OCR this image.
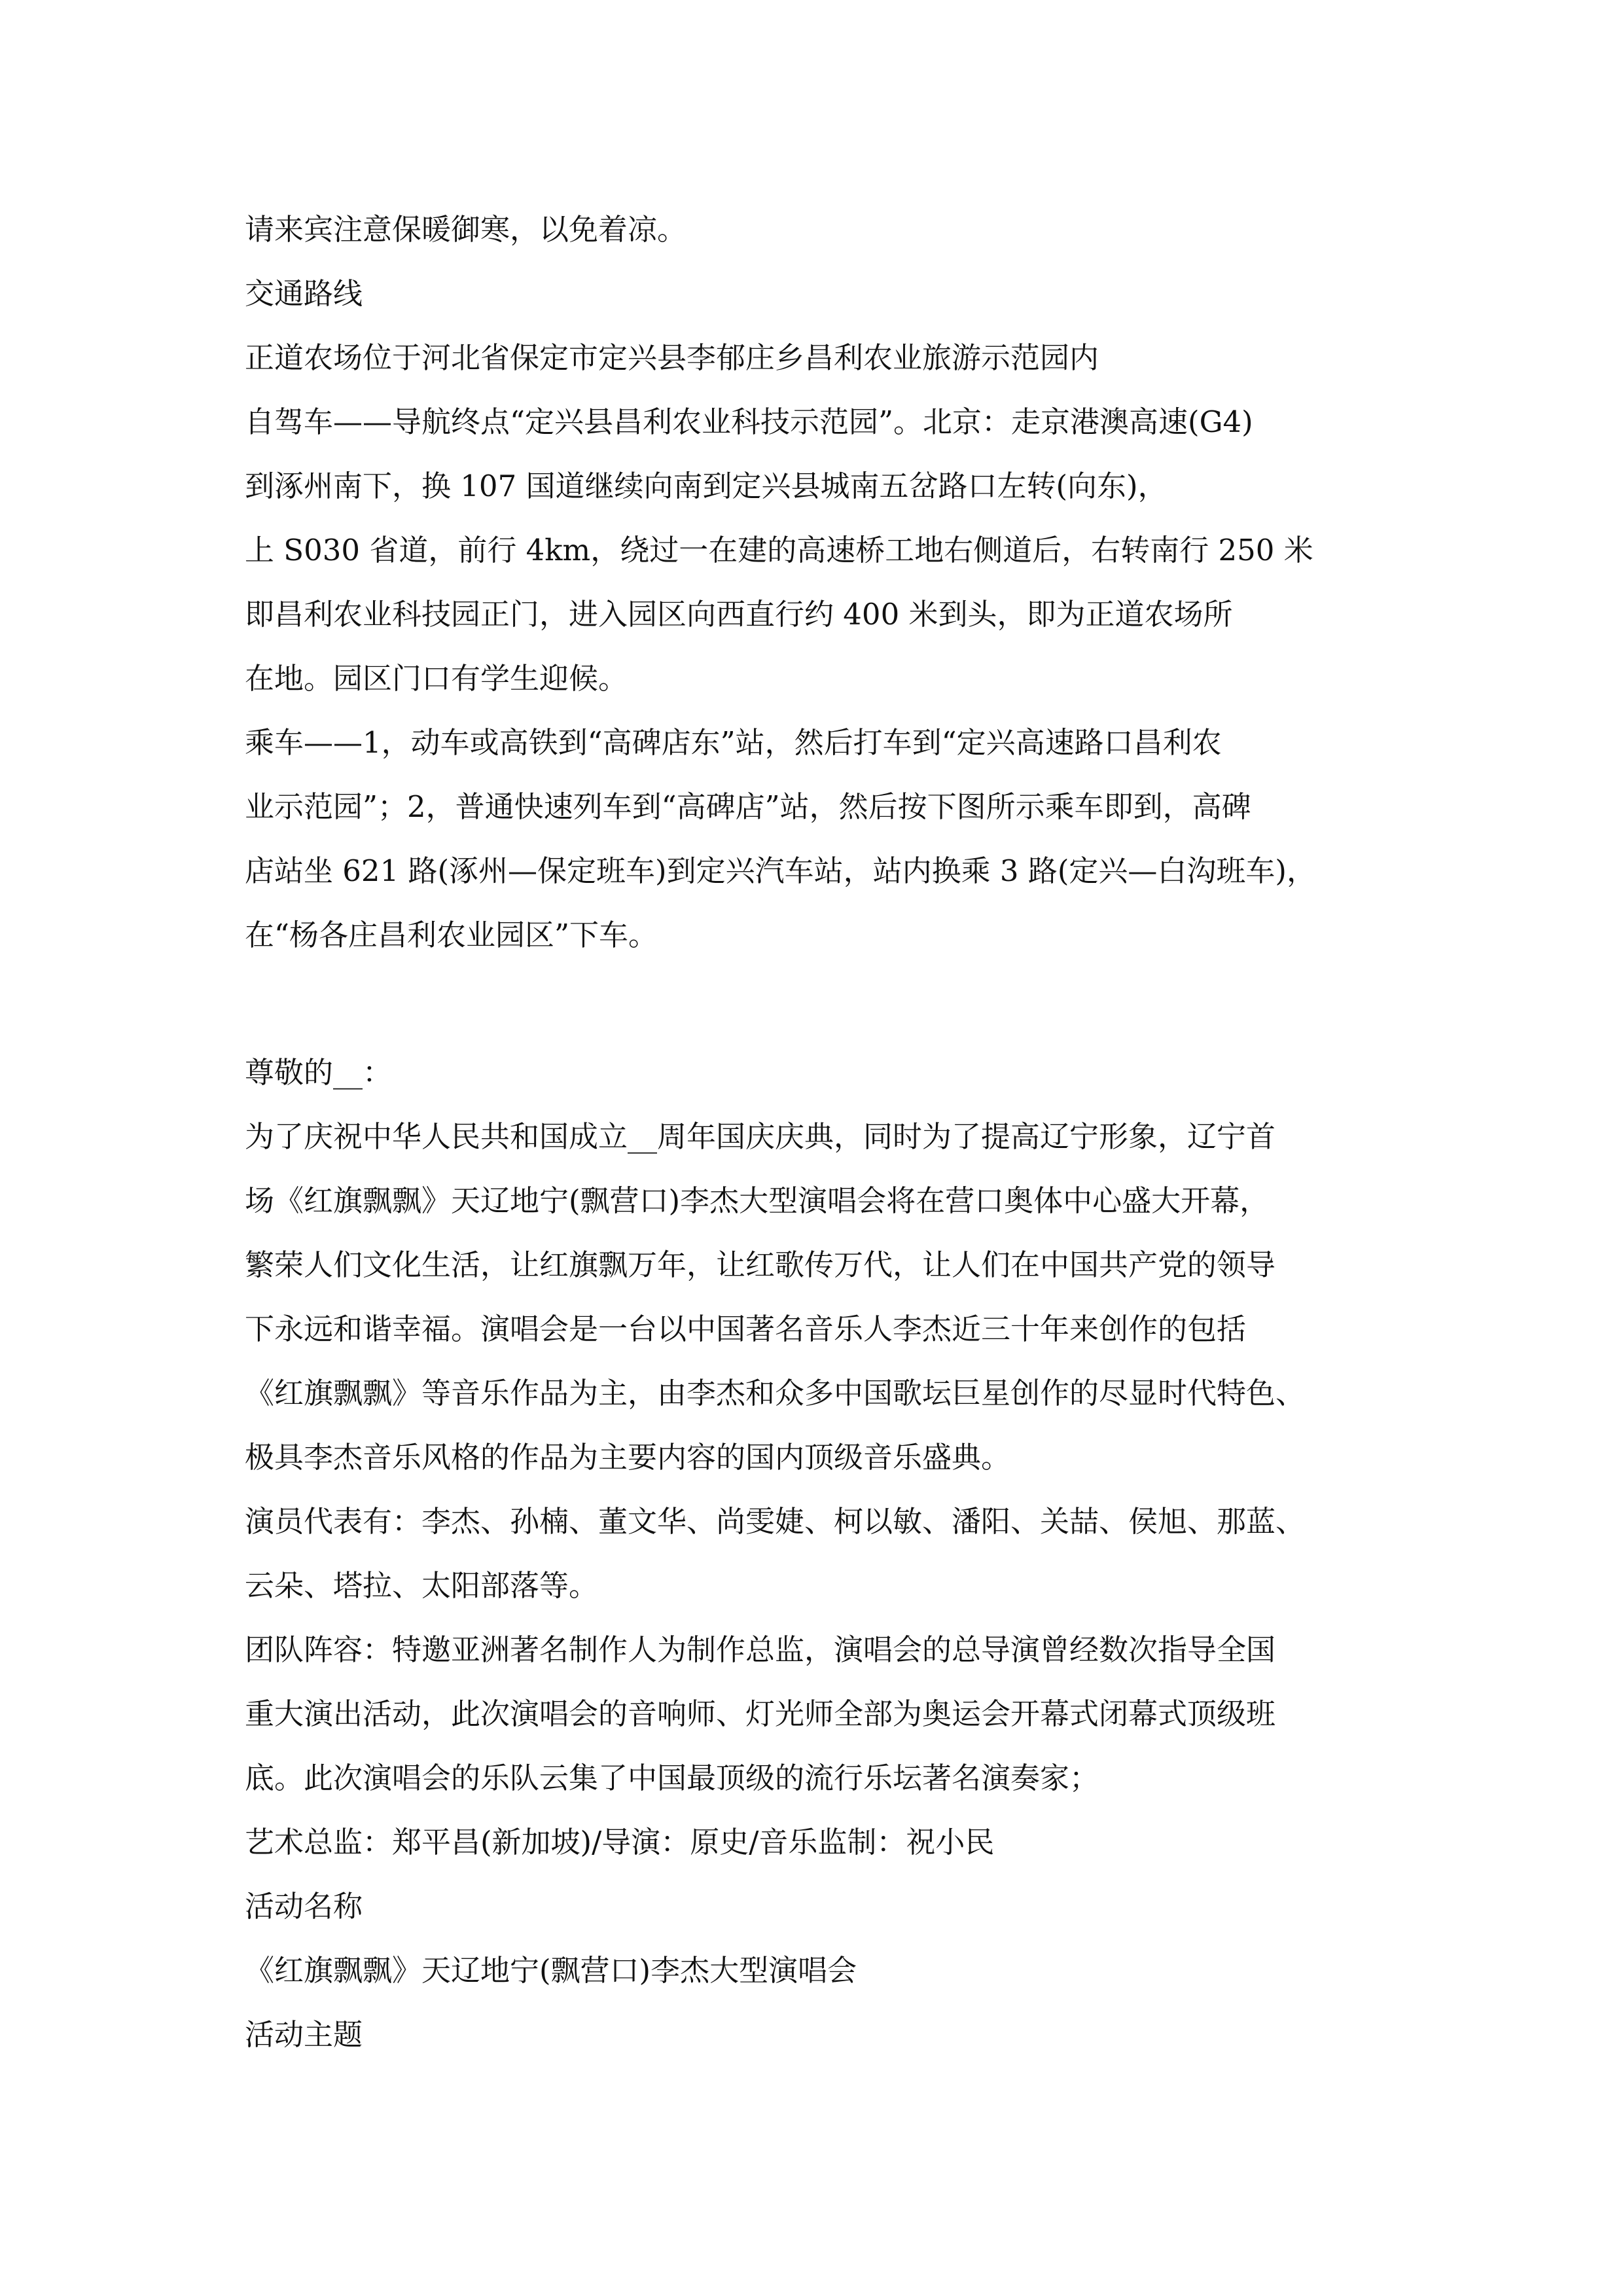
请来宾注意保暖御寒，以免着凉。
交通路线
正道农场位于河北省保定市定兴县李郁庄乡昌利农业旅游示范园内
自驾车——导航终点“定兴县昌利农业科技示范园”。北京：走京港澳高速(G4)
到涿州南下，换 107 国道继续向南到定兴县城南五岔路口左转(向东)，
上 S030 省道，前行 4km，绕过一在建的高速桥工地右侧道后，右转南行 250 米
即昌利农业科技园正门，进入园区向西直行约 400 米到头，即为正道农场所
在地。园区门口有学生迎候。
乘车——1，动车或高铁到“高碑店东”站，然后打车到“定兴高速路口昌利农
业示范园”；2，普通快速列车到“高碑店”站，然后按下图所示乘车即到，高碑
店站坐 621 路(涿州—保定班车)到定兴汽车站，站内换乘 3 路(定兴—白沟班车)，
在“杨各庄昌利农业园区”下车。
尊敬的__：
为了庆祝中华人民共和国成立__周年国庆庆典，同时为了提高辽宁形象，辽宁首
场《红旗飘飘》天辽地宁(飘营口)李杰大型演唱会将在营口奥体中心盛大开幕，
繁荣人们文化生活，让红旗飘万年，让红歌传万代，让人们在中国共产党的领导
下永远和谐幸福。演唱会是一台以中国著名音乐人李杰近三十年来创作的包括
《红旗飘飘》等音乐作品为主，由李杰和众多中国歌坛巨星创作的尽显时代特色、
极具李杰音乐风格的作品为主要内容的国内顶级音乐盛典。
演员代表有：李杰、孙楠、董文华、尚雯婕、柯以敏、潘阳、关喆、侯旭、那蓝、
云朵、塔拉、太阳部落等。
团队阵容：特邀亚洲著名制作人为制作总监，演唱会的总导演曾经数次指导全国
重大演出活动，此次演唱会的音响师、灯光师全部为奥运会开幕式闭幕式顶级班
底。此次演唱会的乐队云集了中国最顶级的流行乐坛著名演奏家；
艺术总监：郑平昌(新加坡)/导演：原史/音乐监制：祝小民
活动名称
《红旗飘飘》天辽地宁(飘营口)李杰大型演唱会
活动主题
